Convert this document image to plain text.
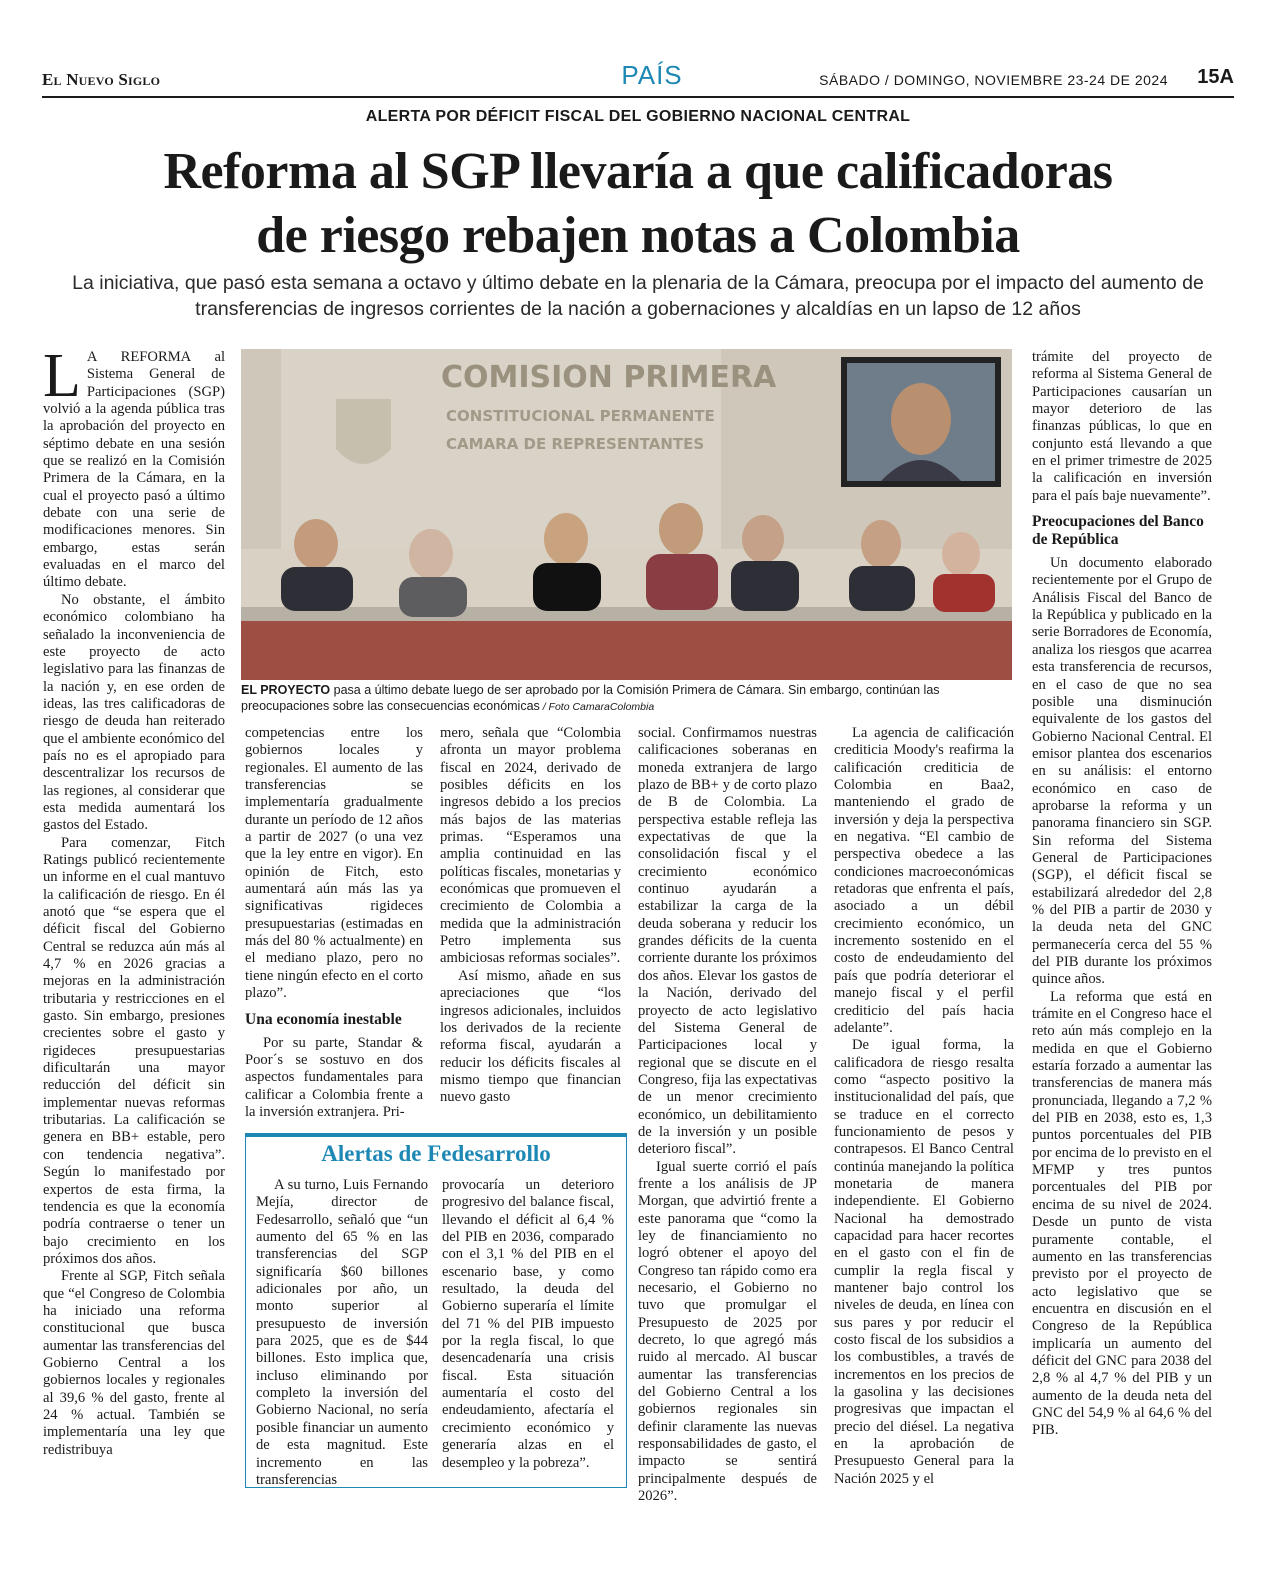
El Nuevo Siglo	PAÍS	SÁBADO / DOMINGO, NOVIEMBRE 23-24 DE 2024 15A
ALERTA POR DÉFICIT FISCAL DEL GOBIERNO NACIONAL CENTRAL
Reforma al SGP llevaría a que calificadoras
de riesgo rebajen notas a Colombia
La iniciativa, que pasó esta semana a octavo y último debate en la plenaria de la Cámara, preocupa por el impacto del aumento de transferencias de ingresos corrientes de la nación a gobernaciones y alcaldías en un lapso de 12 años

L A REFORMA al Sistema General de Participaciones (SGP) volvió a la agenda pública tras la aprobación del proyecto en séptimo debate en una sesión que se realizó en la Comisión Primera de la Cámara, en la cual el proyecto pasó a último debate con una serie de modificaciones menores. Sin embargo, estas serán evaluadas en el marco del último debate.

No obstante, el ámbito económico colombiano ha señalado la inconveniencia de este proyecto de acto legislativo para las finanzas de la nación y, en ese orden de ideas, las tres calificadoras de riesgo de deuda han reiterado que el ambiente económico del país no es el apropiado para descentralizar los recursos de las regiones, al considerar que esta medida aumentará los gastos del Estado.

Para comenzar, Fitch Ratings publicó recientemente un informe en el cual mantuvo la calificación de riesgo. En él anotó que “se espera que el déficit fiscal del Gobierno Central se reduzca aún más al 4,7 % en 2026 gracias a mejoras en la administración tributaria y restricciones en el gasto. Sin embargo, presiones crecientes sobre el gasto y rigideces presupuestarias dificultarán una mayor reducción del déficit sin implementar nuevas reformas tributarias. La calificación se genera en BB+ estable, pero con tendencia negativa”. Según lo manifestado por expertos de esta firma, la tendencia es que la economía podría contraerse o tener un bajo crecimiento en los próximos dos años.

Frente al SGP, Fitch señala que “el Congreso de Colombia ha iniciado una reforma constitucional que busca aumentar las transferencias del Gobierno Central a los gobiernos locales y regionales al 39,6 % del gasto, frente al 24 % actual. También se implementaría una ley que redistribuya

COMISION PRIMERA
CONSTITUCIONAL PERMANENTE
CAMARA DE REPRESENTANTES
EL PROYECTO pasa a último debate luego de ser aprobado por la Comisión Primera de Cámara. Sin embargo, continúan las preocupaciones sobre las consecuencias económicas / Foto CamaraColombia

competencias entre los gobiernos locales y regionales. El aumento de las transferencias se implementaría gradualmente durante un período de 12 años a partir de 2027 (o una vez que la ley entre en vigor). En opinión de Fitch, esto aumentará aún más las ya significativas rigideces presupuestarias (estimadas en más del 80 % actualmente) en el mediano plazo, pero no tiene ningún efecto en el corto plazo”.

Una economía inestable

Por su parte, Standar & Poor´s se sostuvo en dos aspectos fundamentales para calificar a Colombia frente a la inversión extranjera. Pri-

mero, señala que “Colombia afronta un mayor problema fiscal en 2024, derivado de posibles déficits en los ingresos debido a los precios más bajos de las materias primas. “Esperamos una amplia continuidad en las políticas fiscales, monetarias y económicas que promueven el crecimiento de Colombia a medida que la administración Petro implementa sus ambiciosas reformas sociales”.

Así mismo, añade en sus apreciaciones que “los ingresos adicionales, incluidos los derivados de la reciente reforma fiscal, ayudarán a reducir los déficits fiscales al mismo tiempo que financian nuevo gasto

Alertas de Fedesarrollo

A su turno, Luis Fernando Mejía, director de Fedesarrollo, señaló que “un aumento del 65 % en las transferencias del SGP significaría $60 billones adicionales por año, un monto superior al presupuesto de inversión para 2025, que es de $44 billones. Esto implica que, incluso eliminando por completo la inversión del Gobierno Nacional, no sería posible financiar un aumento de esta magnitud. Este incremento en las transferencias

provocaría un deterioro progresivo del balance fiscal, llevando el déficit al 6,4 % del PIB en 2036, comparado con el 3,1 % del PIB en el escenario base, y como resultado, la deuda del Gobierno superaría el límite del 71 % del PIB impuesto por la regla fiscal, lo que desencadenaría una crisis fiscal. Esta situación aumentaría el costo del endeudamiento, afectaría el crecimiento económico y generaría alzas en el desempleo y la pobreza”.

social. Confirmamos nuestras calificaciones soberanas en moneda extranjera de largo plazo de BB+ y de corto plazo de B de Colombia. La perspectiva estable refleja las expectativas de que la consolidación fiscal y el crecimiento económico continuo ayudarán a estabilizar la carga de la deuda soberana y reducir los grandes déficits de la cuenta corriente durante los próximos dos años. Elevar los gastos de la Nación, derivado del proyecto de acto legislativo del Sistema General de Participaciones local y regional que se discute en el Congreso, fija las expectativas de un menor crecimiento económico, un debilitamiento de la inversión y un posible deterioro fiscal”.

Igual suerte corrió el país frente a los análisis de JP Morgan, que advirtió frente a este panorama que “como la ley de financiamiento no logró obtener el apoyo del Congreso tan rápido como era necesario, el Gobierno no tuvo que promulgar el Presupuesto de 2025 por decreto, lo que agregó más ruido al mercado. Al buscar aumentar las transferencias del Gobierno Central a los gobiernos regionales sin definir claramente las nuevas responsabilidades de gasto, el impacto se sentirá principalmente después de 2026”.

La agencia de calificación crediticia Moody's reafirma la calificación crediticia de Colombia en Baa2, manteniendo el grado de inversión y deja la perspectiva en negativa. “El cambio de perspectiva obedece a las condiciones macroeconómicas retadoras que enfrenta el país, asociado a un débil crecimiento económico, un incremento sostenido en el costo de endeudamiento del país que podría deteriorar el manejo fiscal y el perfil crediticio del país hacia adelante”.

De igual forma, la calificadora de riesgo resalta como “aspecto positivo la institucionalidad del país, que se traduce en el correcto funcionamiento de pesos y contrapesos. El Banco Central continúa manejando la política monetaria de manera independiente. El Gobierno Nacional ha demostrado capacidad para hacer recortes en el gasto con el fin de cumplir la regla fiscal y mantener bajo control los niveles de deuda, en línea con sus pares y por reducir el costo fiscal de los subsidios a los combustibles, a través de incrementos en los precios de la gasolina y las decisiones progresivas que impactan el precio del diésel. La negativa en la aprobación de Presupuesto General para la Nación 2025 y el

trámite del proyecto de reforma al Sistema General de Participaciones causarían un mayor deterioro de las finanzas públicas, lo que en conjunto está llevando a que en el primer trimestre de 2025 la calificación en inversión para el país baje nuevamente”.

Preocupaciones del Banco de República

Un documento elaborado recientemente por el Grupo de Análisis Fiscal del Banco de la República y publicado en la serie Borradores de Economía, analiza los riesgos que acarrea esta transferencia de recursos, en el caso de que no sea posible una disminución equivalente de los gastos del Gobierno Nacional Central. El emisor plantea dos escenarios en su análisis: el entorno económico en caso de aprobarse la reforma y un panorama financiero sin SGP. Sin reforma del Sistema General de Participaciones (SGP), el déficit fiscal se estabilizará alrededor del 2,8 % del PIB a partir de 2030 y la deuda neta del GNC permanecería cerca del 55 % del PIB durante los próximos quince años.

La reforma que está en trámite en el Congreso hace el reto aún más complejo en la medida en que el Gobierno estaría forzado a aumentar las transferencias de manera más pronunciada, llegando a 7,2 % del PIB en 2038, esto es, 1,3 puntos porcentuales del PIB por encima de lo previsto en el MFMP y tres puntos porcentuales del PIB por encima de su nivel de 2024. Desde un punto de vista puramente contable, el aumento en las transferencias previsto por el proyecto de acto legislativo que se encuentra en discusión en el Congreso de la República implicaría un aumento del déficit del GNC para 2038 del 2,8 % al 4,7 % del PIB y un aumento de la deuda neta del GNC del 54,9 % al 64,6 % del PIB.
